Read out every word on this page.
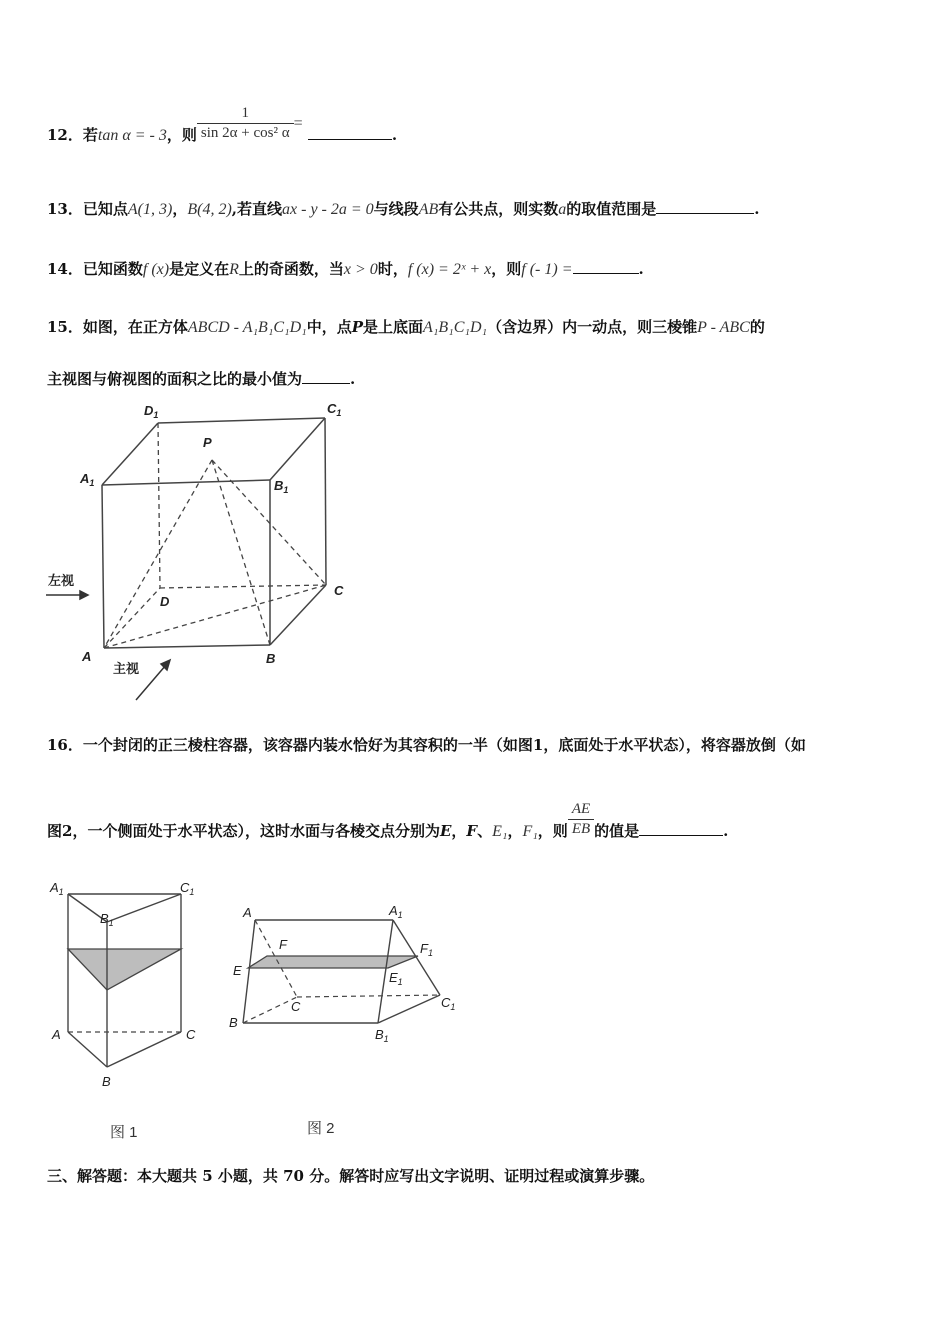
12．若tan α = - 3，则 $\frac{1}{\text{sin 2α + cos² α}}$ = .
13．已知点A(1, 3)，B(4, 2),若直线ax - y - 2a = 0与线段AB有公共点，则实数a的取值范围是	.
14．已知函数f (x)是定义在R上的奇函数，当x > 0时，f (x) = 2ˣ + x，则f (- 1) =	.
15．如图，在正方体ABCD - A₁B₁C₁D₁中，点P是上底面A₁B₁C₁D₁（含边界）内一动点，则三棱锥P - ABC的
主视图与俯视图的面积之比的最小值为	.
$D_1$	$C_1$
$A_1$	$B_1$
P
D
C
A	B
左视
主视
16．一个封闭的正三棱柱容器，该容器内装水恰好为其容积的一半（如图1，底面处于水平状态），将容器放倒（如
图2，一个侧面处于水平状态），这时水面与各棱交点分别为E，F、E₁，F₁，则 $\frac{AE}{EB}$ 的值是	.
$A_1$	$C_1$
$B_1$
A	C
B
图 1
A	$A_1$
F	$F_1$
E	$E_1$
C	$C_1$
B
$B_1$
图 2
三、解答题：本大题共 5 小题，共 70 分。解答时应写出文字说明、证明过程或演算步骤。
